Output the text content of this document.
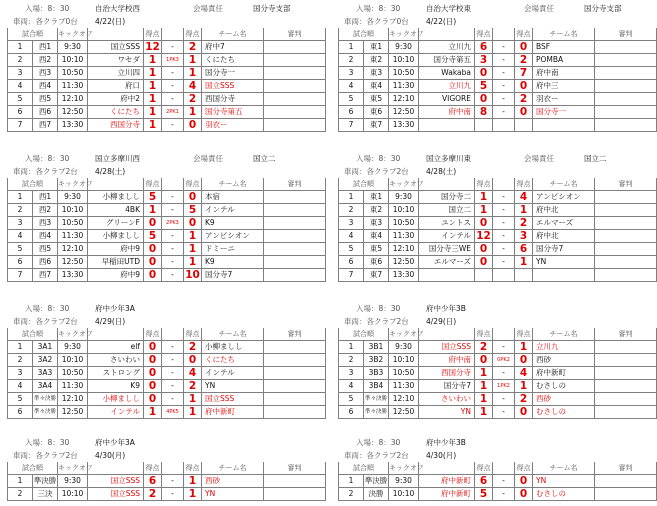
入場：8：30	自治大学校西	会場責任	国分寺支部
車両：各クラブ0台 4/22(日)
試合順		キックオフ		得点		得点	チーム名	審判
1	西1	9:30	国立SSS	12	-	2	府中7	
2	西2	10:10	ワセダ	1	1PK3	1	くにたち	
3	西3	10:50	立川四	1	-	1	国分寺一	
4	西4	11:30	府口	1	-	4	国立SSS	
5	西5	12:10	府中2	1	-	2	西国分寺	
6	西6	12:50	くにたち	1	2PK1	1	国分寺第五	
7	西7	13:30	西国分寺	1	-	0	羽衣ー	
入場：8：30	自治大学校東	会場責任	国分寺支部
車両：各クラブ0台 4/22(日)
試合順		キックオフ		得点		得点	チーム名	審判
1	東1	9:30	立川九	6	-	0	BSF	
2	東2	10:10	国分寺第五	3	-	2	POMBA	
3	東3	10:50	Wakaba	0	-	7	府中南	
4	東4	11:30	立川九	5	-	0	府中三	
5	東5	12:10	VIGORE	0	-	2	羽衣ー	
6	東6	12:50	府中南	8	-	0	国分寺一	
7	東7	13:30						
入場：8：30	国立多摩川西	会場責任	国立二
車両：各クラブ2台 4/28(土)
試合順		キックオフ		得点		得点	チーム名	審判
1	西1	9:30	小柳ましし	5	-	0	本宿	
2	西2	10:10	4BK	1	-	5	インテル	
3	西3	10:50	グリーンF	0	2PK3	0	K9	
4	西4	11:30	小柳ましし	5	-	1	アンビシオン	
5	西5	12:10	府中9	0	-	1	ドミーニ	
6	西6	12:50	早稲田UTD	0	-	1	K9	
7	西7	13:30	府中9	0	-	10	国分寺7	
入場：8：30	国立多摩川東	会場責任	国立二
車両：各クラブ2台 4/28(土)
試合順		キックオフ		得点		得点	チーム名	審判
1	東1	9:30	国分寺二	1	-	4	アンビシオン	
2	東2	10:10	国立二	1	-	1	府中北	
3	東3	10:50	ユントス	0	-	2	エルマーズ	
4	東4	11:30	インテル	12	-	3	府中北	
5	東5	12:10	国分寺三WE	0	-	6	国分寺7	
6	東6	12:50	エルマーズ	0	-	1	YN	
7	東7	13:30						
入場：8：30	府中少年3A
車両：各クラブ2台 4/29(日)
試合順		キックオフ		得点		得点	チーム名	審判
1	3A1	9:30	elf	0	-	2	小柳ましし	
2	3A2	10:10	さいわい	0	-	0	くにたち	
3	3A3	10:50	ストロング	0	-	4	インテル	
4	3A4	11:30	K9	0	-	2	YN	
5	準々決勝	12:10	小柳ましし	0	-	1	国立SSS	
6	準々決勝	12:50	インテル	1	4PK5	1	府中新町	
入場：8：30	府中少年3B
車両：各クラブ2台 4/29(日)
試合順		キックオフ		得点		得点	チーム名	審判
1	3B1	9:30	国立SSS	2	-	1	立川九	
2	3B2	10:10	府中南	0	0PK2	0	西砂	
3	3B3	10:50	西国分寺	1	-	4	府中新町	
4	3B4	11:30	国分寺7	1	1PK2	1	むさしの	
5	準々決勝	12:10	さいわい	1	-	2	西砂	
6	準々決勝	12:50	YN	1	-	0	むさしの	
入場：8：30	府中少年3A
車両：各クラブ2台 4/30(月)
試合順		キックオフ		得点		得点	チーム名	審判
1	準決勝	9:30	国立SSS	6	-	1	西砂	
2	三決	10:10	国立SSS	2	-	1	YN	
入場：8：30	府中少年3B
車両：各クラブ2台 4/30(月)
試合順		キックオフ		得点		得点	チーム名	審判
1	準決勝	9:30	府中新町	6	-	0	YN	
2	決勝	10:10	府中新町	5	-	0	むさしの	
